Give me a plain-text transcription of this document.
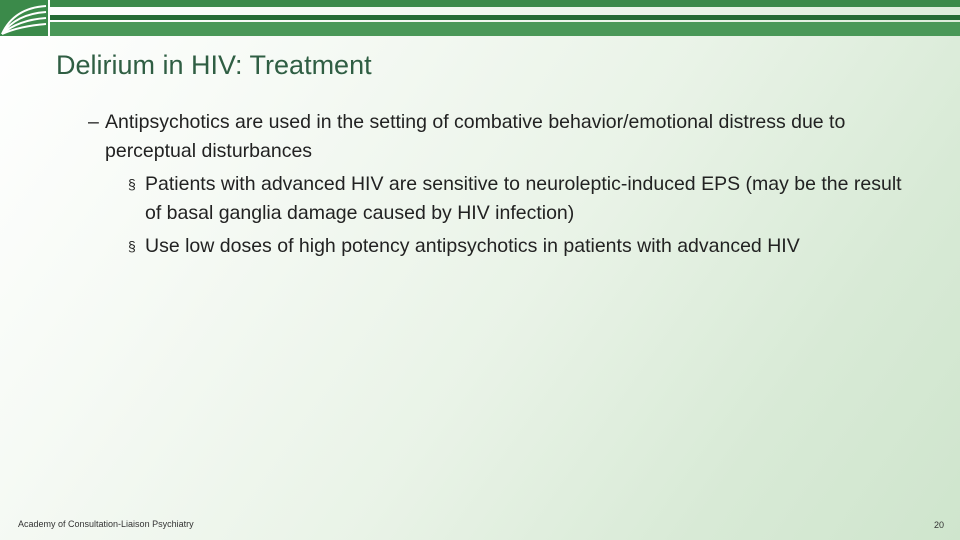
Delirium in HIV: Treatment

– Antipsychotics are used in the setting of combative behavior/emotional distress due to perceptual disturbances

§ Patients with advanced HIV are sensitive to neuroleptic-induced EPS (may be the result of basal ganglia damage caused by HIV infection)

§ Use low doses of high potency antipsychotics in patients with advanced HIV

Academy of Consultation-Liaison Psychiatry	20
